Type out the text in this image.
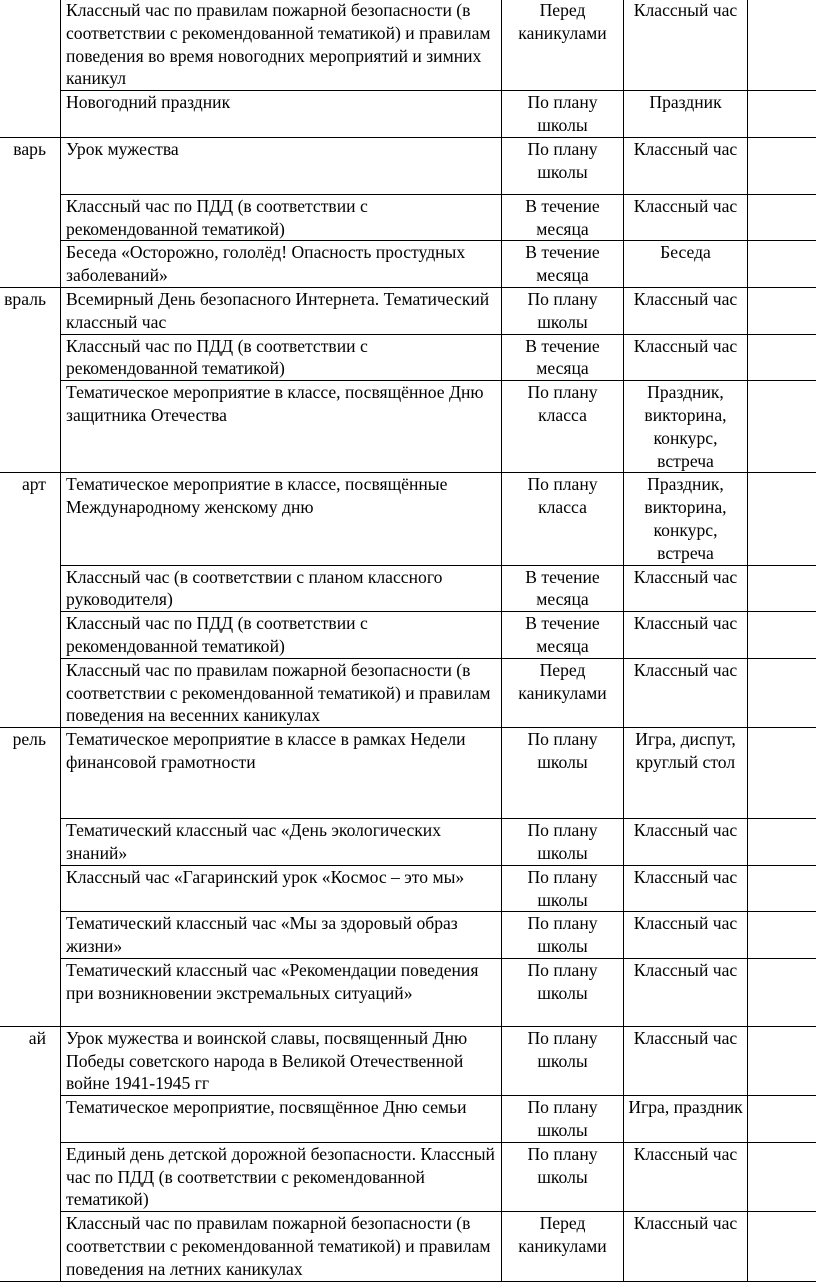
	Классный час по правилам пожарной безопасности (в соответствии с рекомендованной тематикой) и правилам поведения во время новогодних мероприятий и зимних каникул	Перед каникулами	Классный час	
	Новогодний праздник	По плану школы	Праздник	
варь	Урок мужества	По плану школы	Классный час	
	Классный час по ПДД (в соответствии с рекомендованной тематикой)	В течение месяца	Классный час	
	Беседа «Осторожно, гололёд! Опасность простудных заболеваний»	В течение месяца	Беседа	
враль	Всемирный День безопасного Интернета. Тематический классный час	По плану школы	Классный час	
	Классный час по ПДД (в соответствии с рекомендованной тематикой)	В течение месяца	Классный час	
	Тематическое мероприятие в классе, посвящённое Дню защитника Отечества	По плану класса	Праздник, викторина, конкурс, встреча	
арт	Тематическое мероприятие в классе, посвящённые Международному женскому дню	По плану класса	Праздник, викторина, конкурс, встреча	
	Классный час (в соответствии с планом классного руководителя)	В течение месяца	Классный час	
	Классный час по ПДД (в соответствии с рекомендованной тематикой)	В течение месяца	Классный час	
	Классный час по правилам пожарной безопасности (в соответствии с рекомендованной тематикой) и правилам поведения на весенних каникулах	Перед каникулами	Классный час	
рель	Тематическое мероприятие в классе в рамках Недели финансовой грамотности	По плану школы	Игра, диспут, круглый стол	
	Тематический классный час «День экологических знаний»	По плану школы	Классный час	
	Классный час «Гагаринский урок «Космос – это мы»	По плану школы	Классный час	
	Тематический классный час «Мы за здоровый образ жизни»	По плану школы	Классный час	
	Тематический классный час «Рекомендации поведения при возникновении экстремальных ситуаций»	По плану школы	Классный час	
ай	Урок мужества и воинской славы, посвященный Дню Победы советского народа в Великой Отечественной войне 1941-1945 гг	По плану школы	Классный час	
	Тематическое мероприятие, посвящённое Дню семьи	По плану школы	Игра, праздник	
	Единый день детской дорожной безопасности. Классный час по ПДД (в соответствии с рекомендованной тематикой)	По плану школы	Классный час	
	Классный час по правилам пожарной безопасности (в соответствии с рекомендованной тематикой) и правилам поведения на летних каникулах	Перед каникулами	Классный час	
